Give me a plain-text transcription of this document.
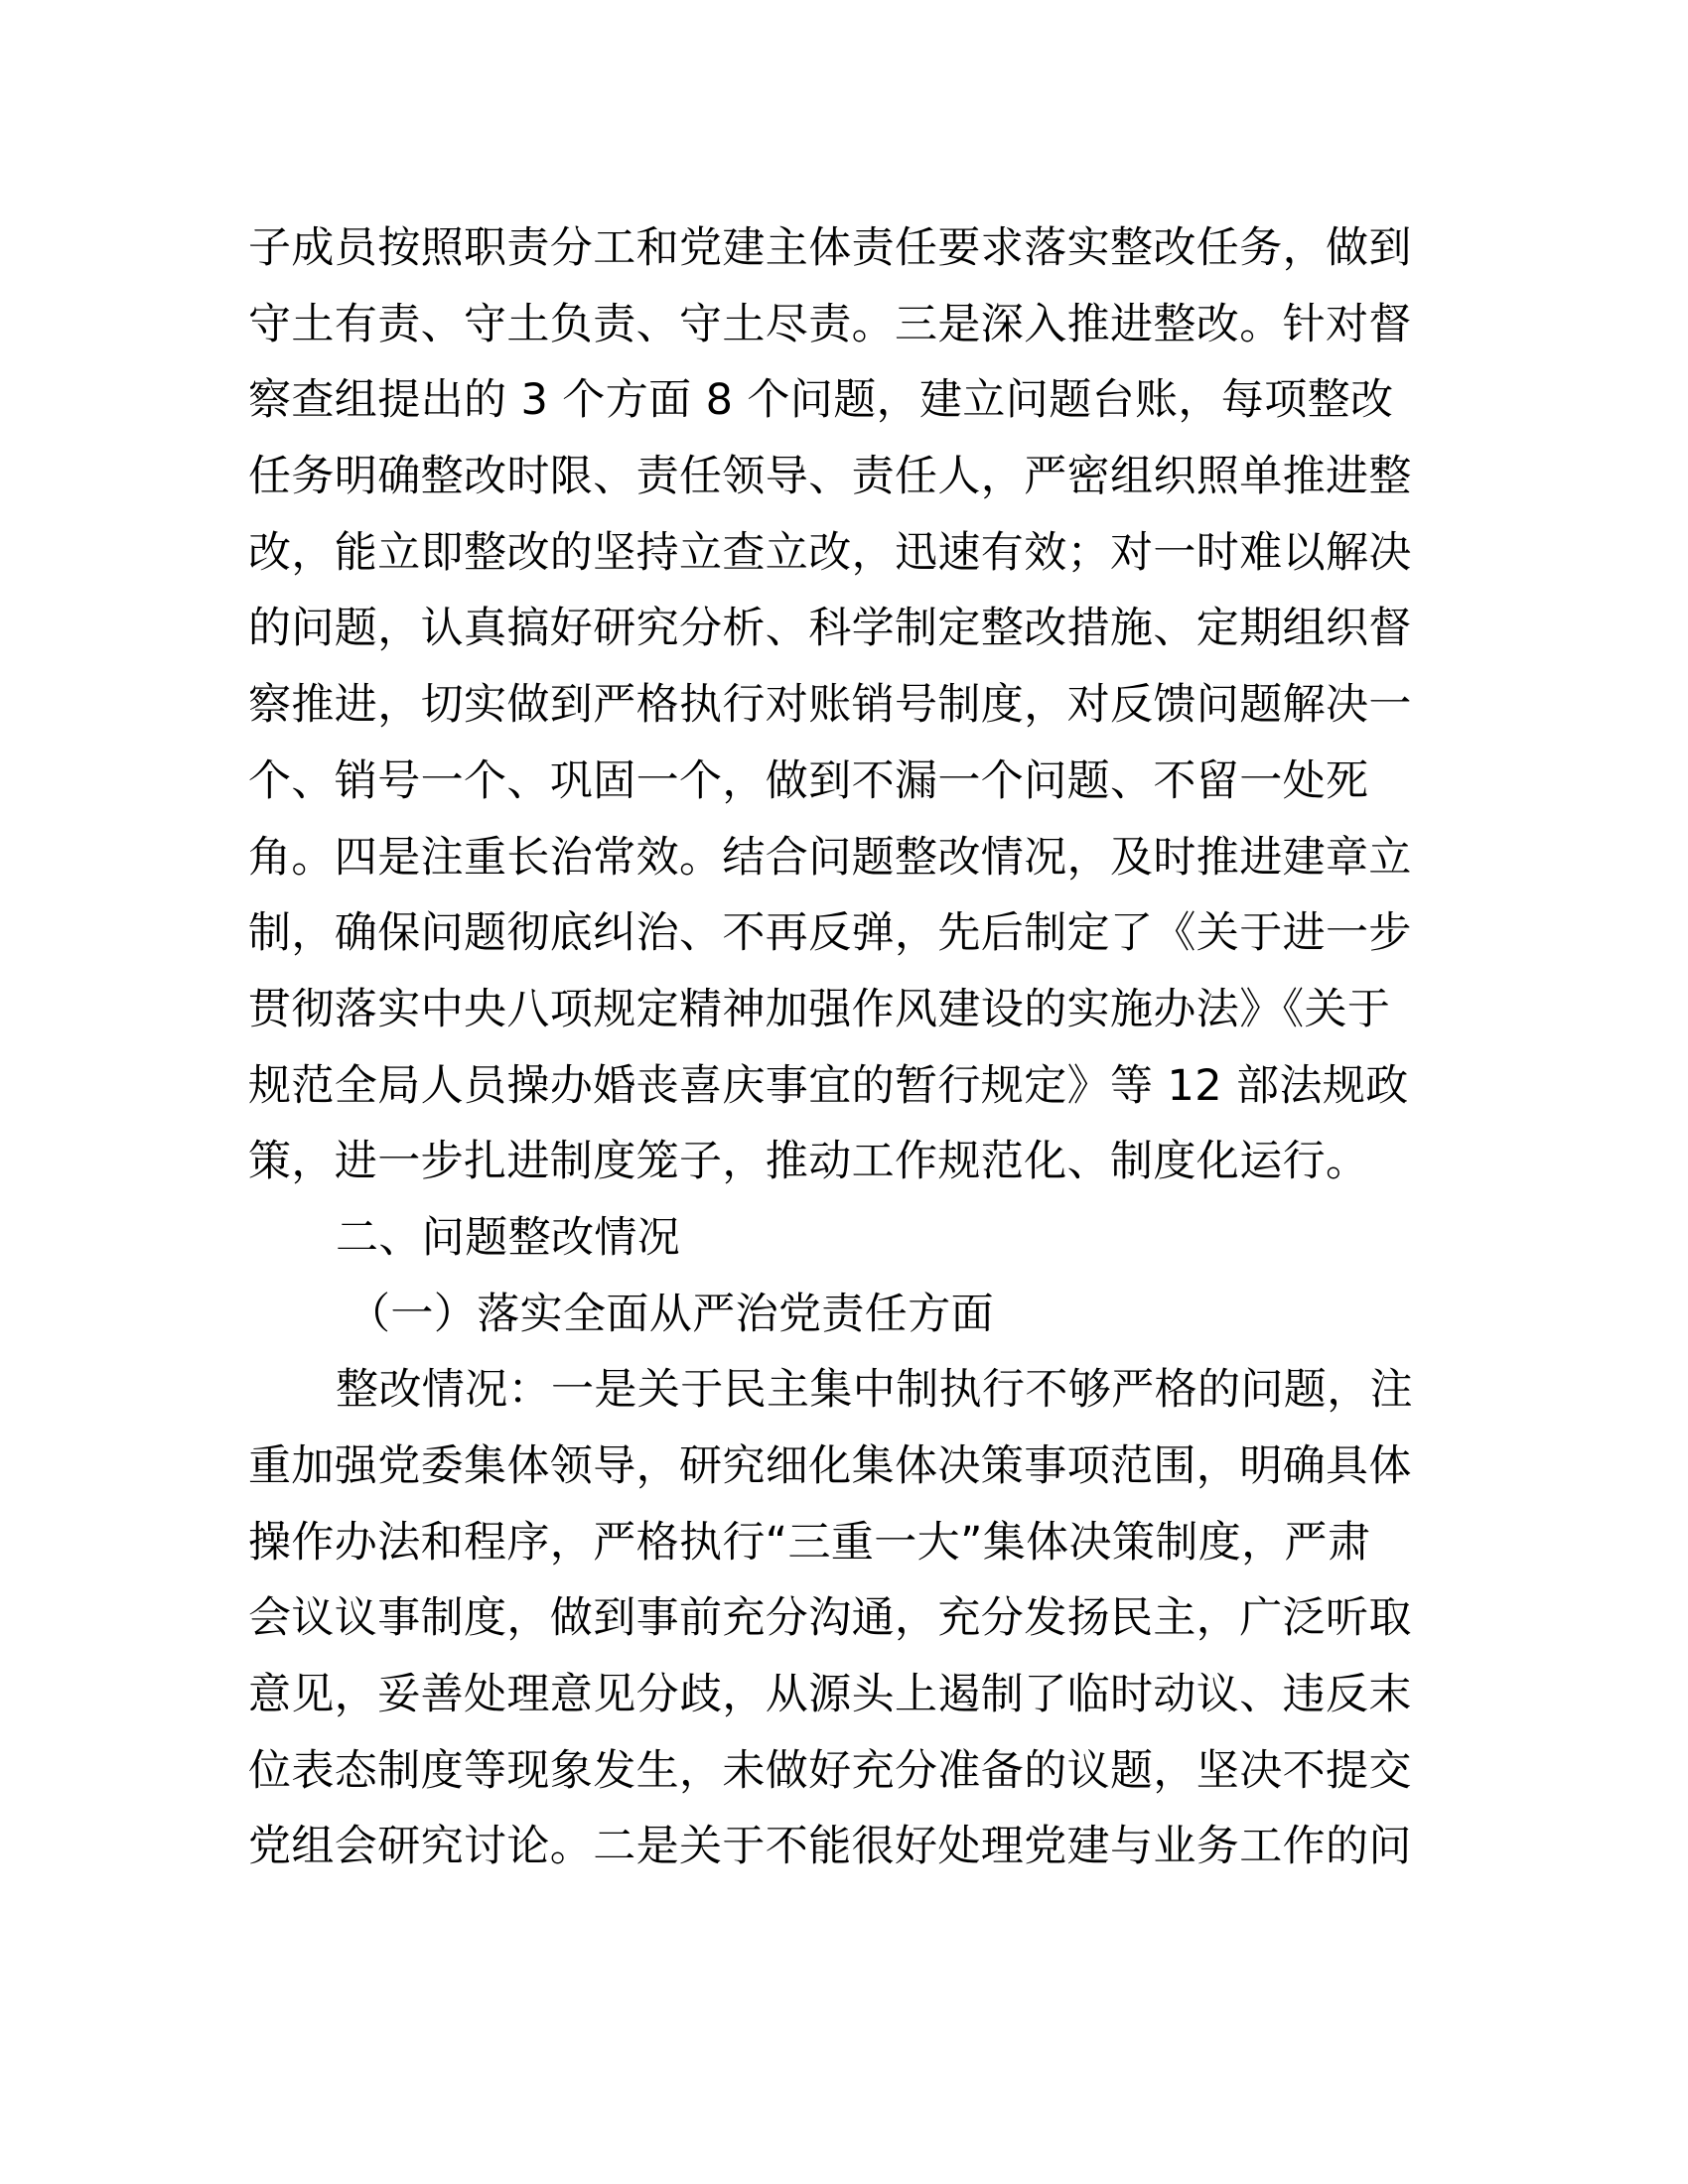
子成员按照职责分工和党建主体责任要求落实整改任务，做到
守土有责、守土负责、守土尽责。三是深入推进整改。针对督
察查组提出的 3 个方面 8 个问题，建立问题台账，每项整改
任务明确整改时限、责任领导、责任人，严密组织照单推进整
改，能立即整改的坚持立查立改，迅速有效；对一时难以解决
的问题，认真搞好研究分析、科学制定整改措施、定期组织督
察推进，切实做到严格执行对账销号制度，对反馈问题解决一
个、销号一个、巩固一个，做到不漏一个问题、不留一处死
角。四是注重长治常效。结合问题整改情况，及时推进建章立
制，确保问题彻底纠治、不再反弹，先后制定了《关于进一步
贯彻落实中央八项规定精神加强作风建设的实施办法》《关于
规范全局人员操办婚丧喜庆事宜的暂行规定》等 12 部法规政
策，进一步扎进制度笼子，推动工作规范化、制度化运行。
二、问题整改情况
（一）落实全面从严治党责任方面
整改情况：一是关于民主集中制执行不够严格的问题，注
重加强党委集体领导，研究细化集体决策事项范围，明确具体
操作办法和程序，严格执行“三重一大”集体决策制度，严肃
会议议事制度，做到事前充分沟通，充分发扬民主，广泛听取
意见，妥善处理意见分歧，从源头上遏制了临时动议、违反末
位表态制度等现象发生，未做好充分准备的议题，坚决不提交
党组会研究讨论。二是关于不能很好处理党建与业务工作的问
